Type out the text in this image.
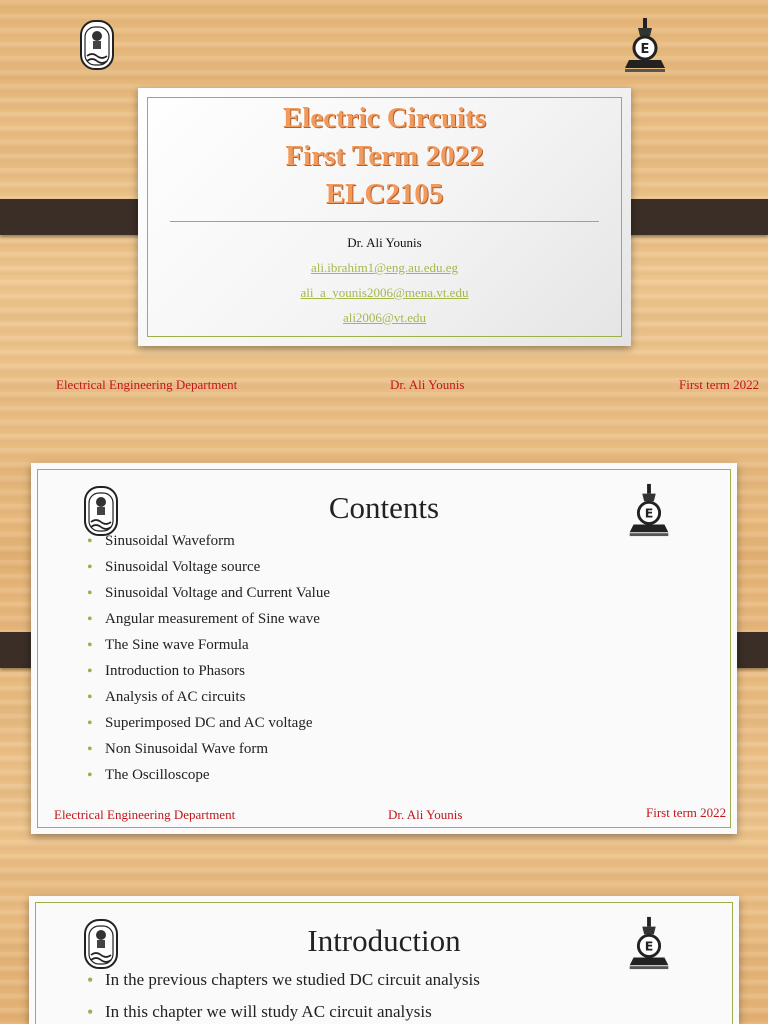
E
Electric Circuits
First Term 2022
ELC2105
Dr. Ali Younis
ali.ibrahim1@eng.au.edu.eg
ali_a_younis2006@mena.vt.edu
ali2006@vt.edu
Electrical Engineering Department	Dr. Ali Younis	First term 2022
E
Contents
• Sinusoidal Waveform
• Sinusoidal Voltage source
• Sinusoidal Voltage and Current Value
• Angular measurement of Sine wave
• The Sine wave Formula
• Introduction to Phasors
• Analysis of AC circuits
• Superimposed DC and AC voltage
• Non Sinusoidal Wave form
• The Oscilloscope
Electrical Engineering Department	Dr. Ali Younis	First term 2022
E
Introduction
• In the previous chapters we studied DC circuit analysis
• In this chapter we will study AC circuit analysis
